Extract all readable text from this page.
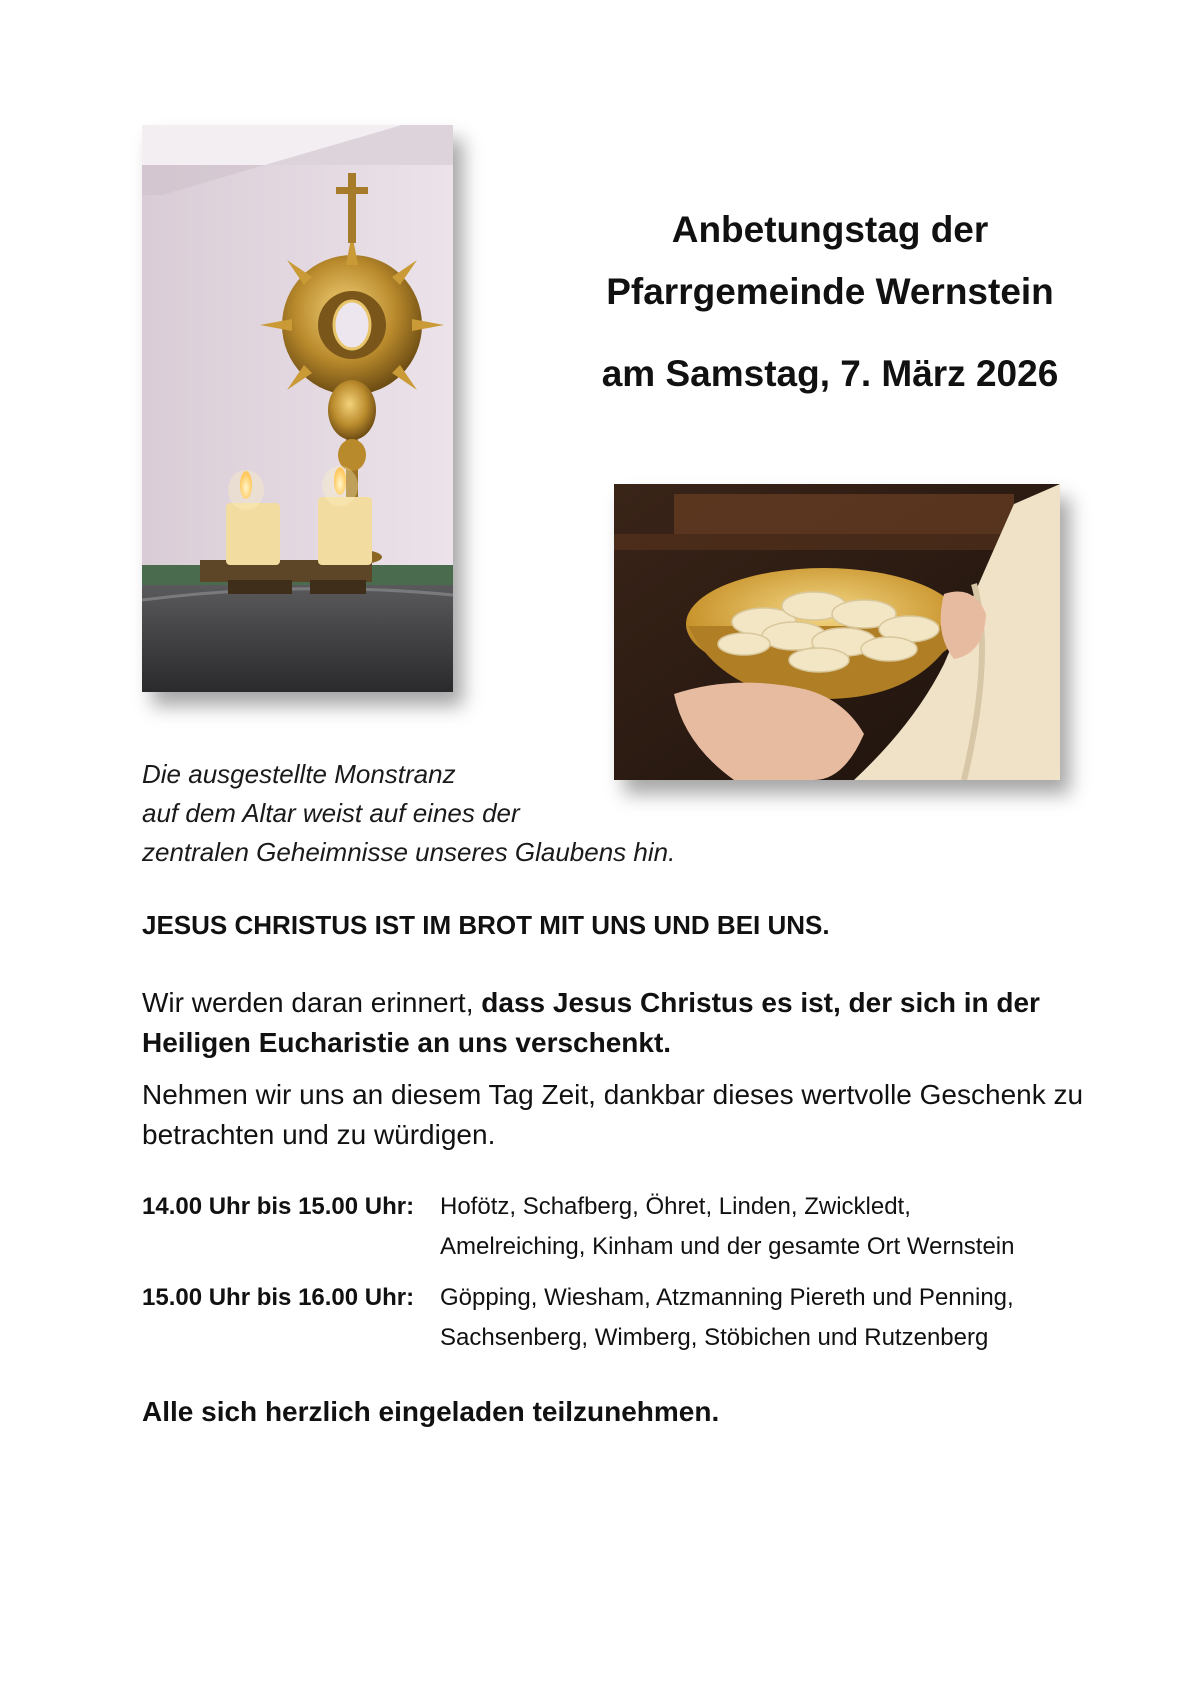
Anbetungstag der
Pfarrgemeinde Wernstein
am Samstag, 7. März 2026
Die ausgestellte Monstranz
auf dem Altar weist auf eines der
zentralen Geheimnisse unseres Glaubens hin.
JESUS CHRISTUS IST IM BROT MIT UNS UND BEI UNS.
Wir werden daran erinnert, dass Jesus Christus es ist, der sich in der Heiligen Eucharistie an uns verschenkt.
Nehmen wir uns an diesem Tag Zeit, dankbar dieses wertvolle Geschenk zu betrachten und zu würdigen.
14.00 Uhr bis 15.00 Uhr: Hofötz, Schafberg, Öhret, Linden, Zwickledt,
Amelreiching, Kinham und der gesamte Ort Wernstein
15.00 Uhr bis 16.00 Uhr: Göpping, Wiesham, Atzmanning Piereth und Penning,
Sachsenberg, Wimberg, Stöbichen und Rutzenberg
Alle sich herzlich eingeladen teilzunehmen.
